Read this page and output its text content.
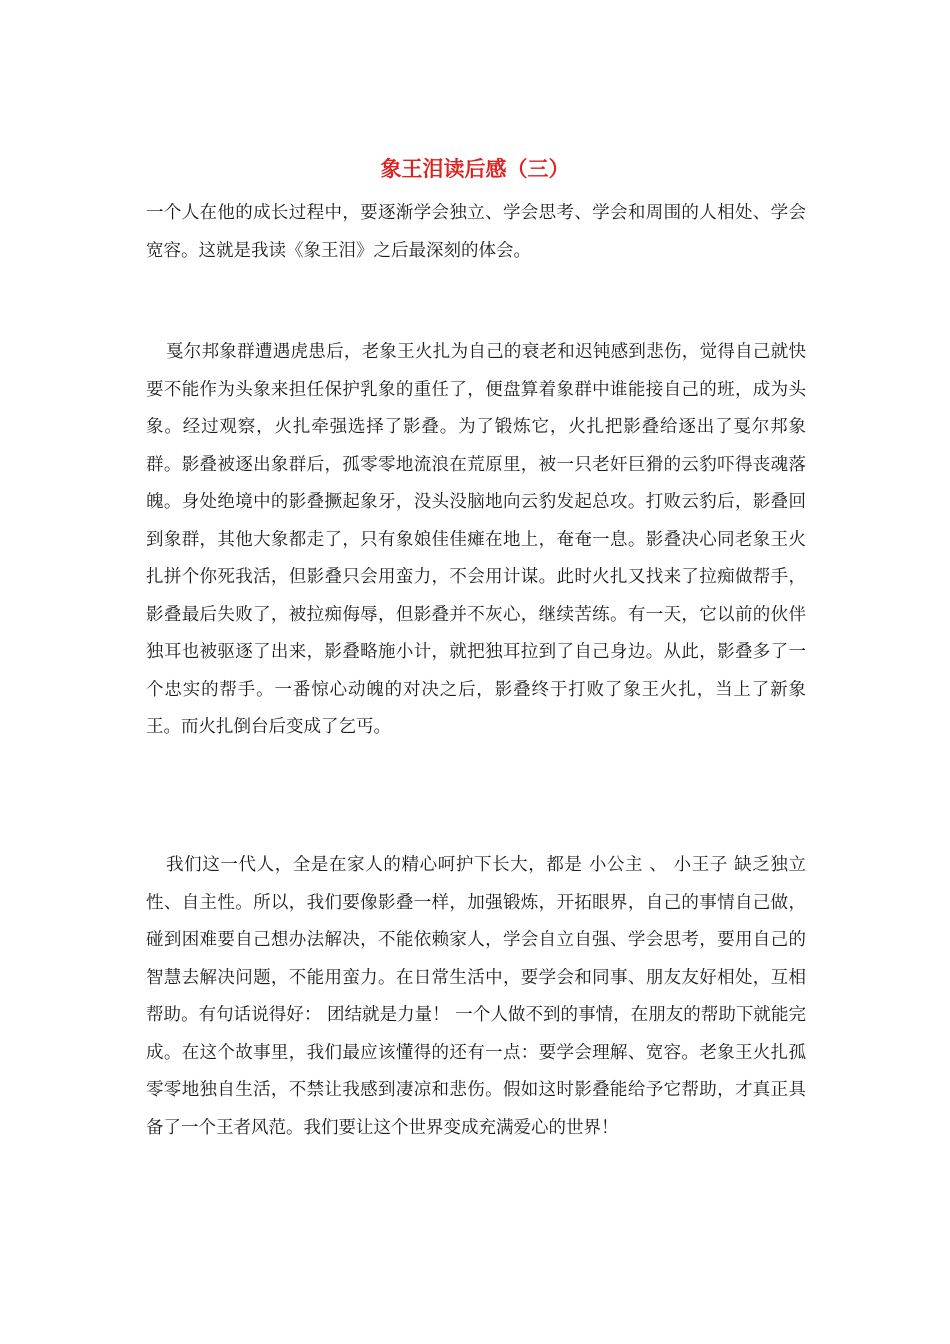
象王泪读后感（三）

一个人在他的成长过程中，要逐渐学会独立、学会思考、学会和周围的人相处、学会宽容。这就是我读《象王泪》之后最深刻的体会。

戛尔邦象群遭遇虎患后，老象王火扎为自己的衰老和迟钝感到悲伤，觉得自己就快要不能作为头象来担任保护乳象的重任了，便盘算着象群中谁能接自己的班，成为头象。经过观察，火扎牵强选择了影叠。为了锻炼它，火扎把影叠给逐出了戛尔邦象群。影叠被逐出象群后，孤零零地流浪在荒原里，被一只老奸巨猾的云豹吓得丧魂落魄。身处绝境中的影叠撅起象牙，没头没脑地向云豹发起总攻。打败云豹后，影叠回到象群，其他大象都走了，只有象娘佳佳瘫在地上，奄奄一息。影叠决心同老象王火扎拼个你死我活，但影叠只会用蛮力，不会用计谋。此时火扎又找来了拉痴做帮手，影叠最后失败了，被拉痴侮辱，但影叠并不灰心，继续苦练。有一天，它以前的伙伴独耳也被驱逐了出来，影叠略施小计，就把独耳拉到了自己身边。从此，影叠多了一个忠实的帮手。一番惊心动魄的对决之后，影叠终于打败了象王火扎，当上了新象王。而火扎倒台后变成了乞丐。

我们这一代人，全是在家人的精心呵护下长大，都是 小公主 、 小王子 缺乏独立性、自主性。所以，我们要像影叠一样，加强锻炼，开拓眼界，自己的事情自己做，碰到困难要自己想办法解决，不能依赖家人，学会自立自强、学会思考，要用自己的智慧去解决问题，不能用蛮力。在日常生活中，要学会和同事、朋友友好相处，互相帮助。有句话说得好： 团结就是力量！ 一个人做不到的事情，在朋友的帮助下就能完成。在这个故事里，我们最应该懂得的还有一点：要学会理解、宽容。老象王火扎孤零零地独自生活，不禁让我感到凄凉和悲伤。假如这时影叠能给予它帮助，才真正具备了一个王者风范。我们要让这个世界变成充满爱心的世界！
